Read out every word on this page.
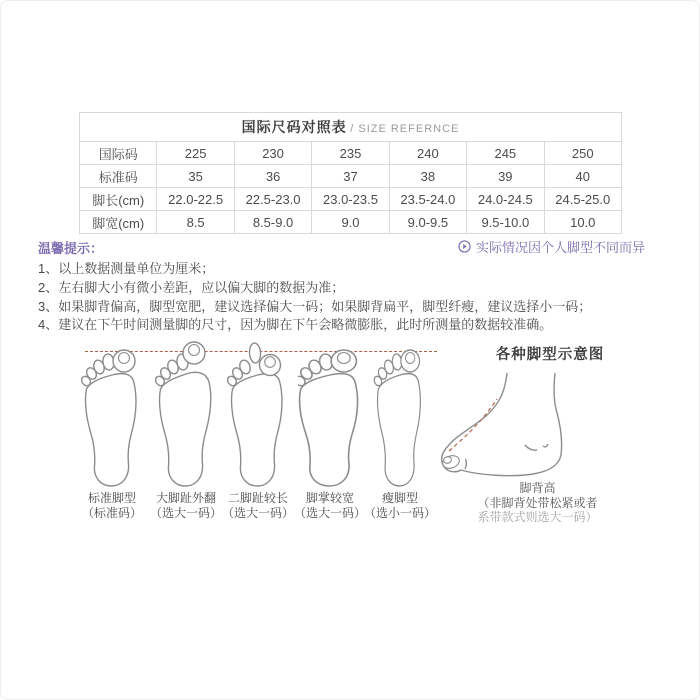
国际尺码对照表 / SIZE REFERNCE						
国际码	225	230	235	240	245	250
标准码	35	36	37	38	39	40
脚长(cm)	22.0-22.5	22.5-23.0	23.0-23.5	23.5-24.0	24.0-24.5	24.5-25.0
脚宽(cm)	8.5	8.5-9.0	9.0	9.0-9.5	9.5-10.0	10.0
温馨提示：	实际情况因个人脚型不同而异
1、以上数据测量单位为厘米；
2、左右脚大小有微小差距，应以偏大脚的数据为准；
3、如果脚背偏高，脚型宽肥，建议选择偏大一码；如果脚背扁平，脚型纤瘦，建议选择小一码；
4、建议在下午时间测量脚的尺寸，因为脚在下午会略微膨胀，此时所测量的数据较准确。
标准脚型
（标准码）
大脚趾外翻
（选大一码）
二脚趾较长
（选大一码）
脚掌较宽
（选大一码）
瘦脚型
（选小一码）
各种脚型示意图
脚背高
（非脚背处带松紧或者
系带款式则选大一码）
